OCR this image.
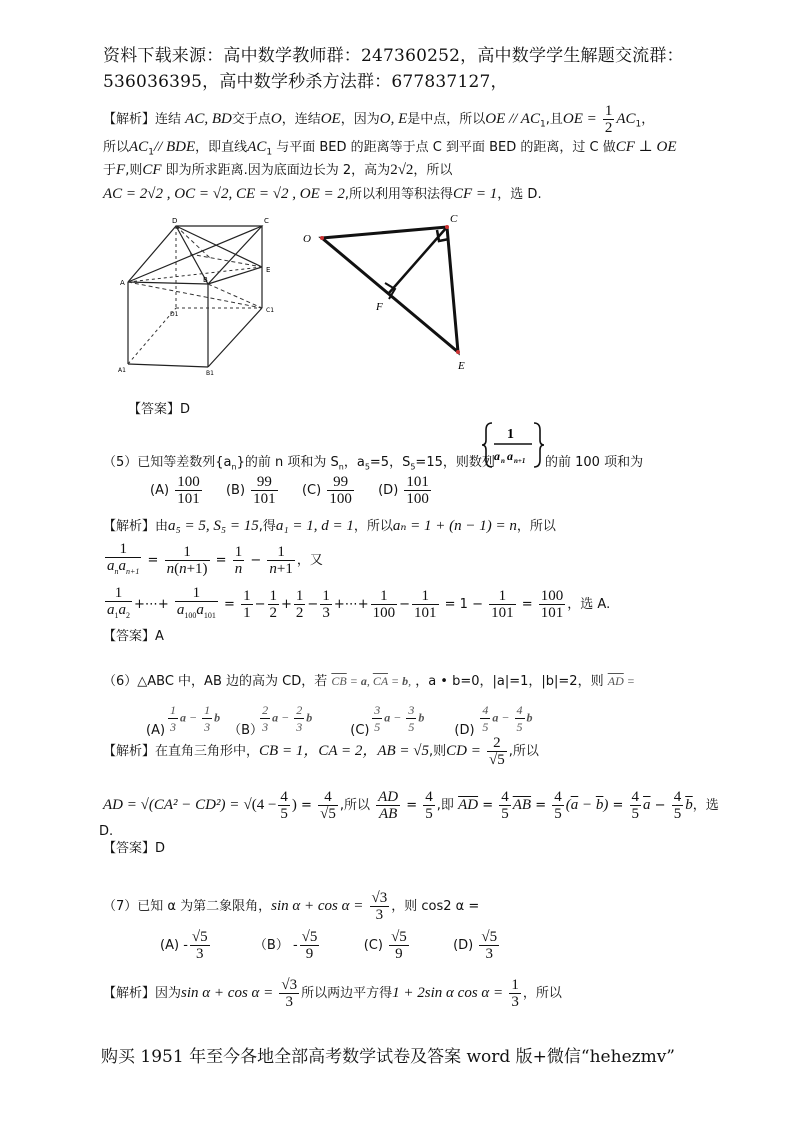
资料下载来源：高中数学教师群：247360252，高中数学学生解题交流群：
536036395，高中数学秒杀方法群：677837127，
【解析】连结 AC, BD交于点O，连结OE，因为O, E是中点，所以OE // $AC_1$,且OE = $\frac{1}{2} AC_1$，
所以$AC_1//$ BDE，即直线$AC_1$ 与平面 BED 的距离等于点 C 到平面 BED 的距离，过 C 做CF ⊥ OE
于F,则CF 即为所求距离.因为底面边长为 2，高为2√2，所以
AC = 2√2 , OC = √2, CE = √2 , OE = 2,所以利用等积法得CF = 1，选 D.
D	C
A	B
E
D1
C1
A1	B1
O
C
F
E
【答案】D
（5）已知等差数列$\{a_n\}$的前 n 项和为 $S_n$，$a_5=5$，$S_5=15$，则数列
1
a n a n+1 的前 100 项和为
$(A) \frac{100}{101} (B) \frac{99}{101} (C) \frac{99}{100} (D) \frac{101}{100}$
【解析】由a₅ = 5, S₅ = 15,得a₁ = 1, d = 1，所以aₙ = 1 + (n − 1) = n，所以
$\frac{1}{a_na_{n+1}} = \frac{1}{n(n+1)} = \frac{1}{n} - \frac{1}{n+1}$ ，又
$\frac{1}{a_1a_2}$ +⋯+ $\frac{1}{a_{100}a_{101}} = \frac{1}{1} - \frac{1}{2} + \frac{1}{2} - \frac{1}{3}$ +⋯+ $\frac{1}{100} - \frac{1}{101} = 1 - \frac{1}{101} = \frac{100}{101}$ ，选 A.
【答案】A
（6）△ABC 中，AB 边的高为 CD，若 $\overline{CB} = a$, $\overline{CA} = b$, ，a • b=0，|a|=1，|b|=2，则 $\overline{AD}$ =
$(A) \frac{1}{3}$ $a - \frac{1}{3}$ b

（B）
$\frac{2}{3}$ $a - \frac{2}{3}$ b

$(C) \frac{3}{5}$ $a - \frac{3}{5}$ b

$(D) \frac{4}{5}$ $a - \frac{4}{5}$ b
【解析】在直角三角形中，CB = 1，CA = 2，AB = √5,则CD = $\frac{2}{√5}$ ,所以
AD = $√(CA^2 - CD^2) = √(4 - \frac{4}{5}$ ) = $\frac{4}{√5}$ ,所以 $\frac{AD}{AB} = \frac{4}{5}$ ,即 $\overline{AD} = \frac{4}{5} \overline{AB} = \frac{4}{5} (\overline{a} - \overline{b}) = \frac{4}{5} \overline{a} - \frac{4}{5} \overline{b}$，选
D.
【答案】D
（7）已知 α 为第二象限角，$\sin \alpha + \cos \alpha = \frac{√3}{3}$ ，则 cos2 α =
$(A) - \frac{√5}{3}$	$(B) - \frac{√5}{9}$	$(C) \frac{√5}{9}$	$(D) \frac{√5}{3}$
【解析】因为$\sin \alpha + \cos \alpha = \frac{√3}{3}$ 所以两边平方得1 + 2sin α $\cos \alpha = \frac{1}{3}$ ，所以
购买 1951 年至今各地全部高考数学试卷及答案 word 版+微信“hehezmv”
